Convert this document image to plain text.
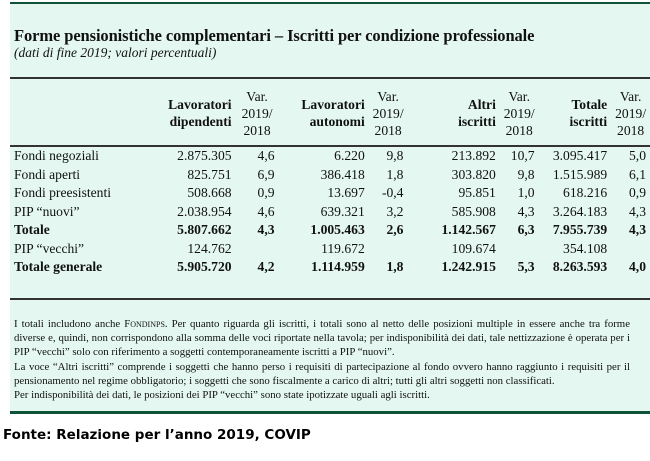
Forme pensionistiche complementari – Iscritti per condizione professionale
(dati di fine 2019; valori percentuali)

	Lavoratori
dipendenti	Var.
2019/
2018	Lavoratori
autonomi	Var.
2019/
2018	Altri
iscritti	Var.
2019/
2018	Totale
iscritti	Var.
2019/
2018
Fondi negoziali	2.875.305	4,6	6.220	9,8	213.892	10,7	3.095.417	5,0
Fondi aperti	825.751	6,9	386.418	1,8	303.820	9,8	1.515.989	6,1
Fondi preesistenti	508.668	0,9	13.697	-0,4	95.851	1,0	618.216	0,9
PIP “nuovi”	2.038.954	4,6	639.321	3,2	585.908	4,3	3.264.183	4,3
Totale	5.807.662	4,3	1.005.463	2,6	1.142.567	6,3	7.955.739	4,3
PIP “vecchi”	124.762		119.672		109.674		354.108	
Totale generale	5.905.720	4,2	1.114.959	1,8	1.242.915	5,3	8.263.593	4,0

I totali includono anche Fondinps. Per quanto riguarda gli iscritti, i totali sono al netto delle posizioni multiple in essere anche tra forme diverse e, quindi, non corrispondono alla somma delle voci riportate nella tavola; per indisponibilità dei dati, tale nettizzazione è operata per i PIP “vecchi” solo con riferimento a soggetti contemporaneamente iscritti a PIP “nuovi”.

La voce “Altri iscritti” comprende i soggetti che hanno perso i requisiti di partecipazione al fondo ovvero hanno raggiunto i requisiti per il pensionamento nel regime obbligatorio; i soggetti che sono fiscalmente a carico di altri; tutti gli altri soggetti non classificati.

Per indisponibilità dei dati, le posizioni dei PIP “vecchi” sono state ipotizzate uguali agli iscritti.

Fonte: Relazione per l’anno 2019, COVIP
